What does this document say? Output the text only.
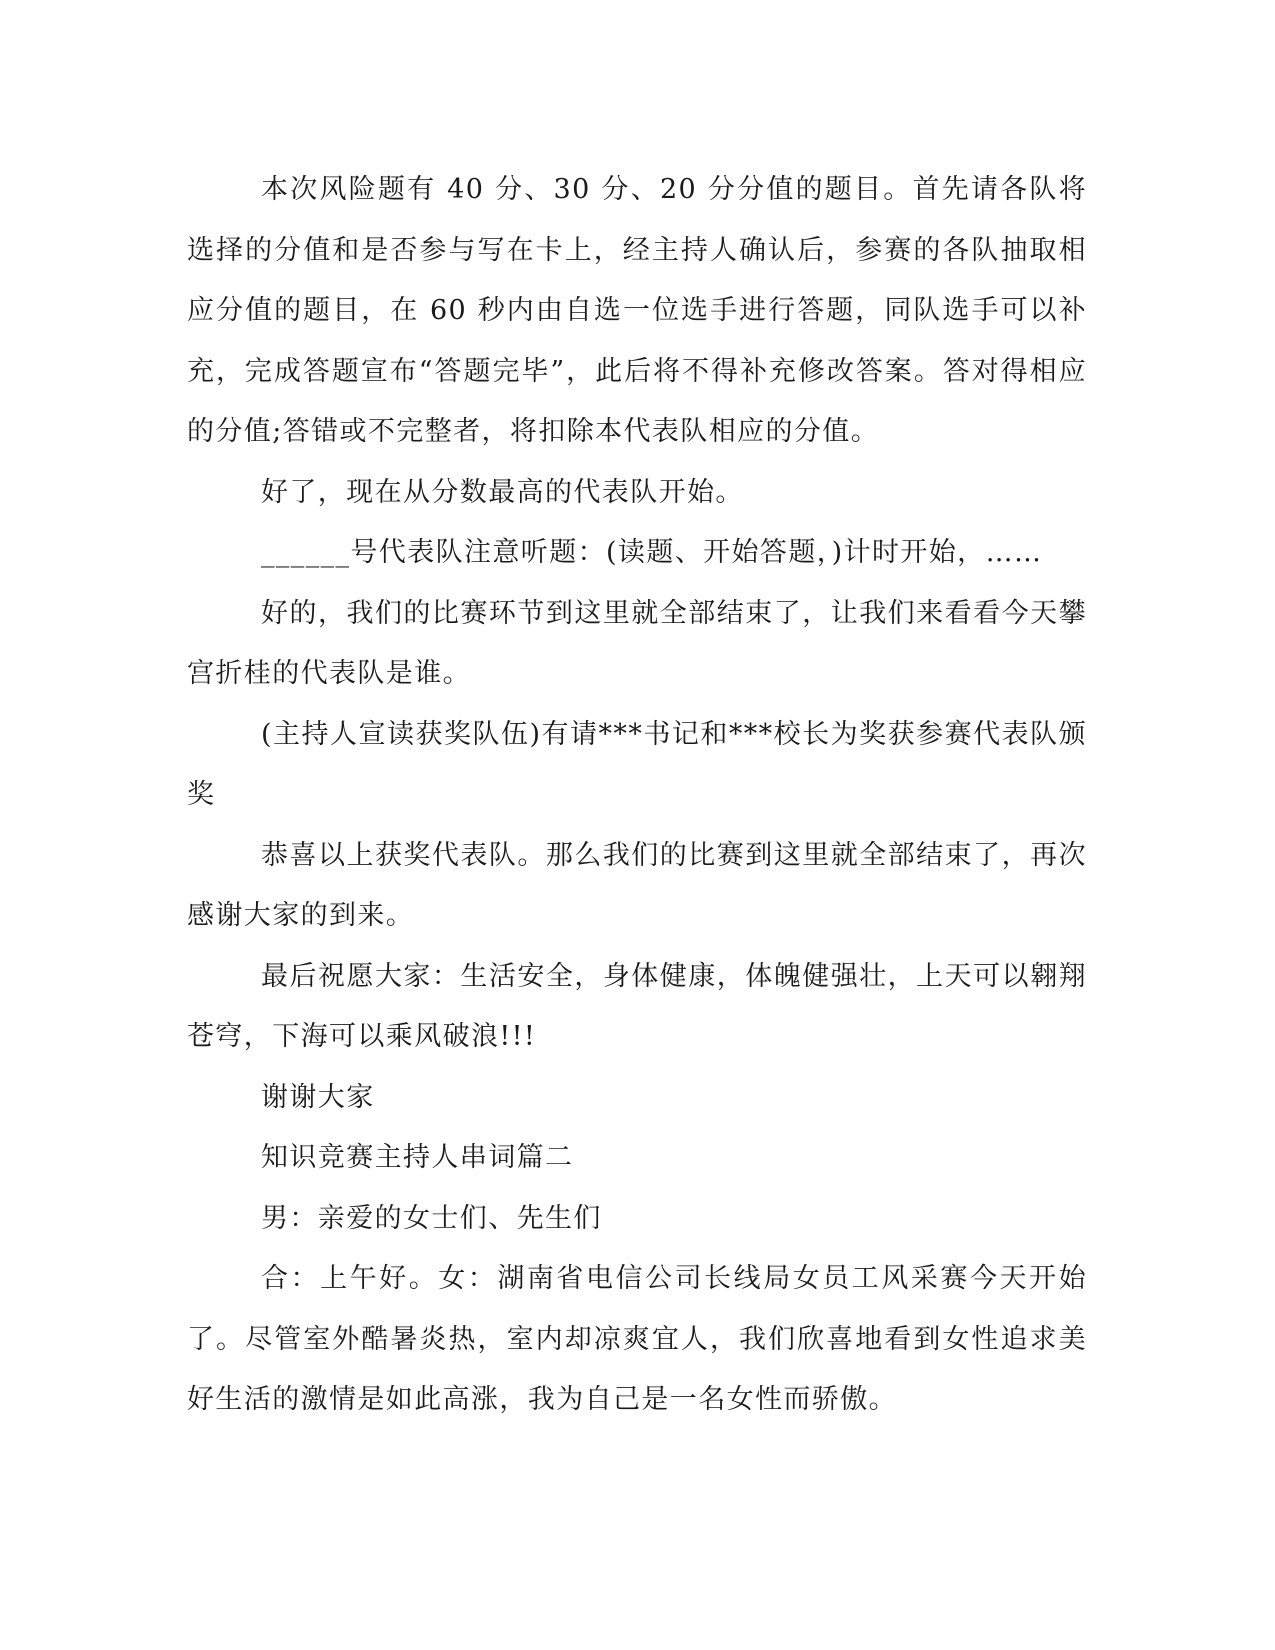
本次风险题有 40 分、30 分、20 分分值的题目。首先请各队将选择的分值和是否参与写在卡上，经主持人确认后，参赛的各队抽取相应分值的题目，在 60 秒内由自选一位选手进行答题，同队选手可以补充，完成答题宣布“答题完毕”，此后将不得补充修改答案。答对得相应的分值;答错或不完整者，将扣除本代表队相应的分值。

好了，现在从分数最高的代表队开始。

______号代表队注意听题：(读题、开始答题，)计时开始，……

好的，我们的比赛环节到这里就全部结束了，让我们来看看今天攀宫折桂的代表队是谁。

(主持人宣读获奖队伍)有请***书记和***校长为奖获参赛代表队颁奖

恭喜以上获奖代表队。那么我们的比赛到这里就全部结束了，再次感谢大家的到来。

最后祝愿大家：生活安全，身体健康，体魄健强壮，上天可以翱翔苍穹，下海可以乘风破浪!!!

谢谢大家

知识竞赛主持人串词篇二

男：亲爱的女士们、先生们

合：上午好。女：湖南省电信公司长线局女员工风采赛今天开始了。尽管室外酷暑炎热，室内却凉爽宜人，我们欣喜地看到女性追求美好生活的激情是如此高涨，我为自己是一名女性而骄傲。
